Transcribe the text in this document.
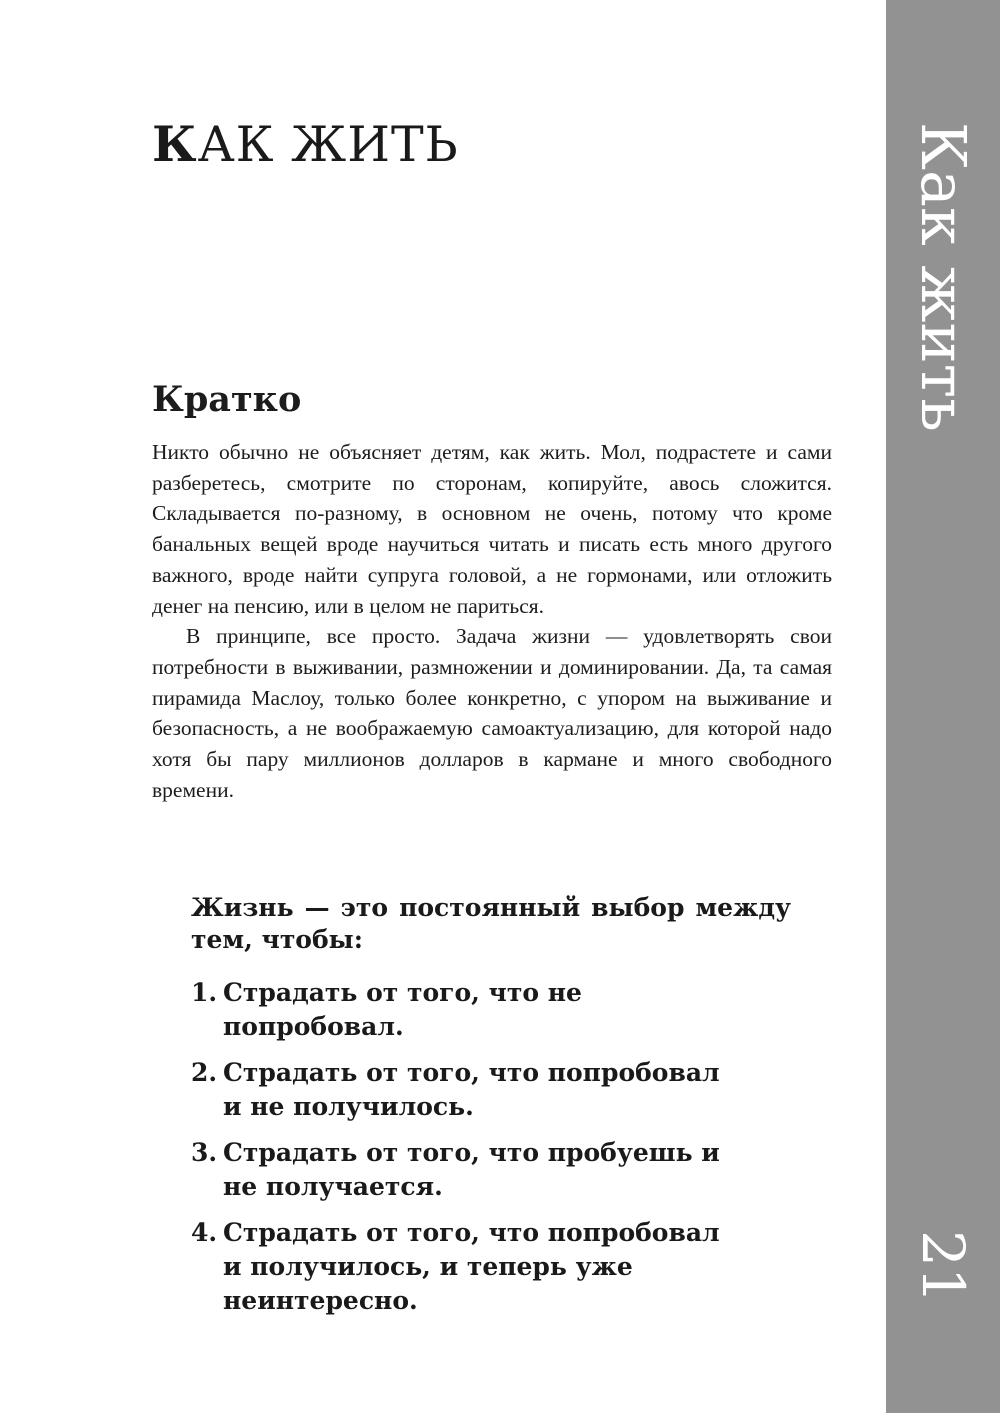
КАК ЖИТЬ
Кратко

Никто обычно не объясняет детям, как жить. Мол, подрастете и сами разберетесь, смотрите по сторонам, копируйте, авось сложится. Складывается по-разному, в основном не очень, потому что кроме банальных вещей вроде научиться читать и писать есть много другого важного, вроде найти супруга головой, а не гормонами, или отложить денег на пенсию, или в целом не париться.

В принципе, все просто. Задача жизни — удовлетворять свои потребности в выживании, размножении и доминировании. Да, та самая пирамида Маслоу, только более конкретно, с упором на выживание и безопасность, а не воображаемую самоактуализацию, для которой надо хотя бы пару миллионов долларов в кармане и много свободного времени.

Жизнь — это постоянный выбор между тем, чтобы:

1. Страдать от того, что не попробовал.
2. Страдать от того, что попробовал и не получилось.
3. Страдать от того, что пробуешь и не получается.
4. Страдать от того, что попробовал и получилось, и теперь уже неинтересно.
Как жить
21
